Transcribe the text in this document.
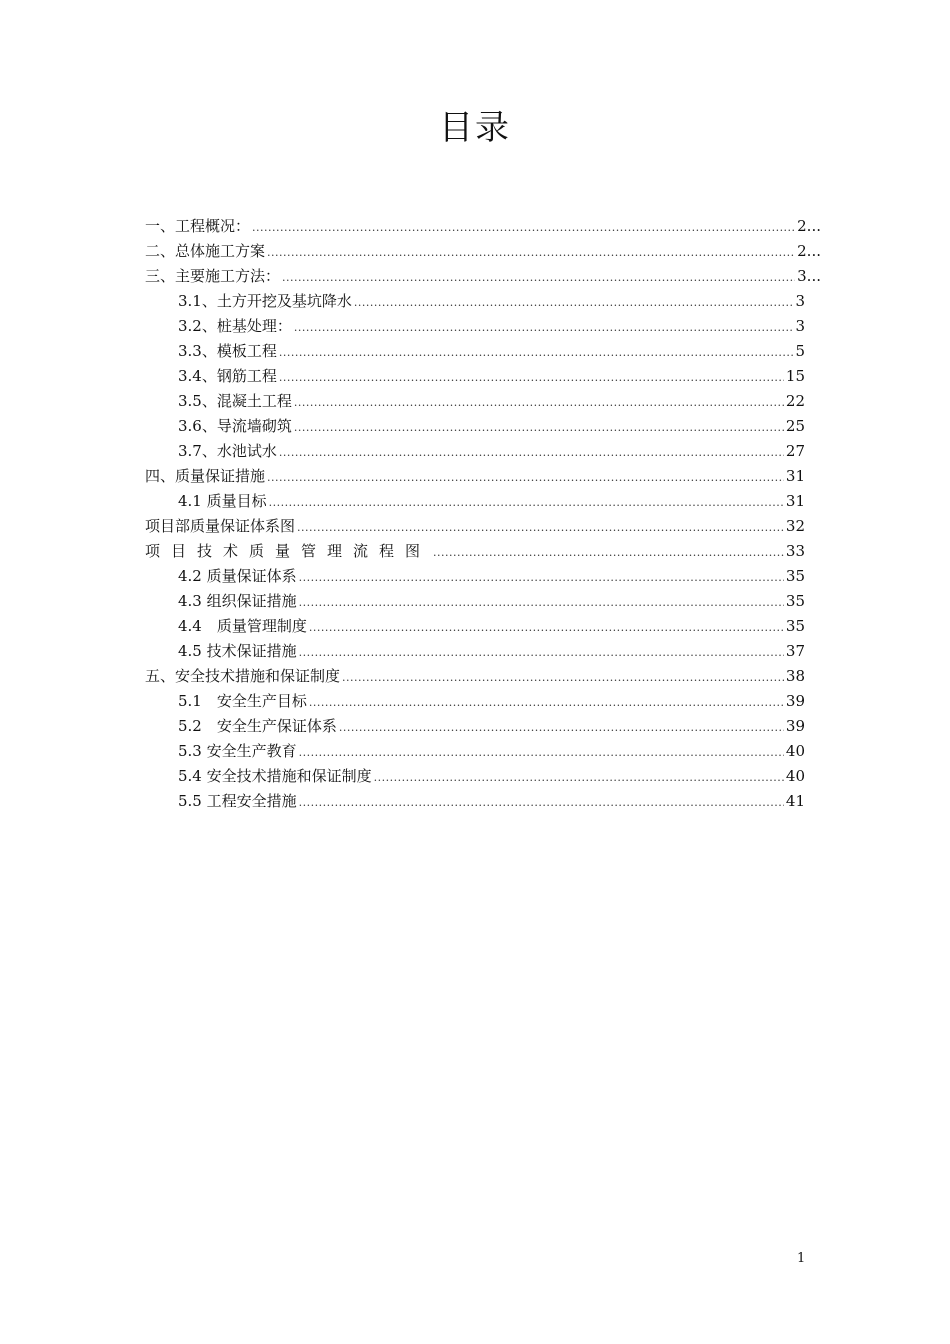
目录
一、工程概况： .....	2...
二、总体施工方案 .....	2...
三、主要施工方法： .....	3...
3.1、土方开挖及基坑降水 .....	3
3.2、桩基处理： .....	3
3.3、模板工程 .....	5
3.4、钢筋工程 .....	15
3.5、混凝土工程 .....	22
3.6、导流墙砌筑 .....	25
3.7、水池试水 .....	27
四、质量保证措施 .....	31
4.1 质量目标 .....	31
项目部质量保证体系图 .....	32
项目技术质量管理流程图 .....	33
4.2 质量保证体系 .....	35
4.3 组织保证措施 .....	35
4.4　质量管理制度 .....	35
4.5 技术保证措施 .....	37
五、安全技术措施和保证制度 .....	38
5.1　安全生产目标 .....	39
5.2　安全生产保证体系 .....	39
5.3 安全生产教育 .....	40
5.4 安全技术措施和保证制度 .....	40
5.5 工程安全措施 .....	41
1
